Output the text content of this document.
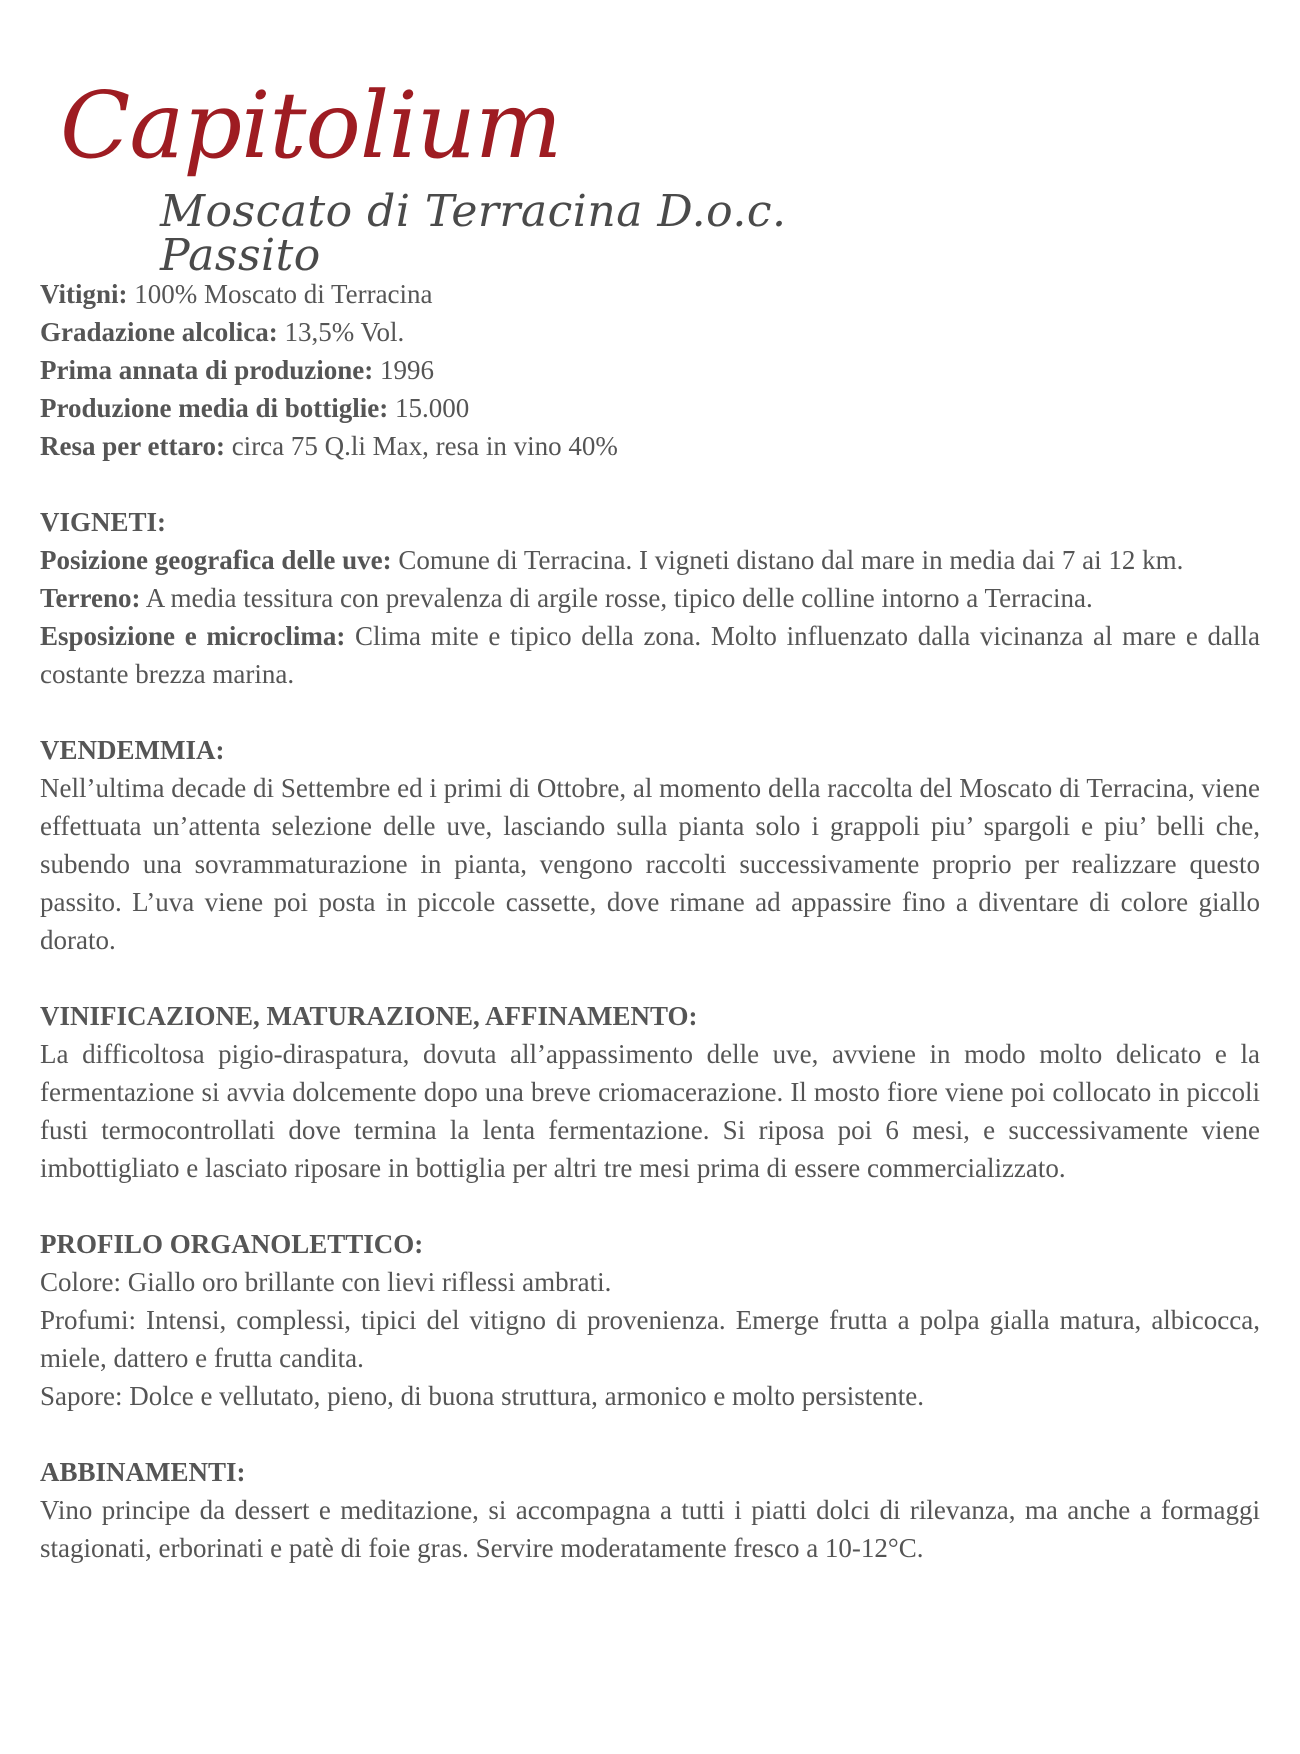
Capitolium
Moscato di Terracina D.o.c. Passito

Vitigni: 100% Moscato di Terracina

Gradazione alcolica: 13,5% Vol.

Prima annata di produzione: 1996

Produzione media di bottiglie: 15.000

Resa per ettaro: circa 75 Q.li Max, resa in vino 40%

VIGNETI:

Posizione geografica delle uve: Comune di Terracina. I vigneti distano dal mare in media dai 7 ai 12 km.

Terreno: A media tessitura con prevalenza di argile rosse, tipico delle colline intorno a Terracina.

Esposizione e microclima: Clima mite e tipico della zona. Molto influenzato dalla vicinanza al mare e dalla costante brezza marina.

VENDEMMIA:

Nell’ultima decade di Settembre ed i primi di Ottobre, al momento della raccolta del Moscato di Terracina, viene effettuata un’attenta selezione delle uve, lasciando sulla pianta solo i grappoli piu’ spargoli e piu’ belli che, subendo una sovrammaturazione in pianta, vengono raccolti successivamente proprio per realizzare questo passito. L’uva viene poi posta in piccole cassette, dove rimane ad appassire fino a diventare di colore giallo dorato.

VINIFICAZIONE, MATURAZIONE, AFFINAMENTO:

La difficoltosa pigio-diraspatura, dovuta all’appassimento delle uve, avviene in modo molto delicato e la fermentazione si avvia dolcemente dopo una breve criomacerazione. Il mosto fiore viene poi collocato in piccoli fusti termocontrollati dove termina la lenta fermentazione. Si riposa poi 6 mesi, e successivamente viene imbottigliato e lasciato riposare in bottiglia per altri tre mesi prima di essere commercializzato.

PROFILO ORGANOLETTICO:

Colore: Giallo oro brillante con lievi riflessi ambrati.

Profumi: Intensi, complessi, tipici del vitigno di provenienza. Emerge frutta a polpa gialla matura, albicocca, miele, dattero e frutta candita.

Sapore: Dolce e vellutato, pieno, di buona struttura, armonico e molto persistente.

ABBINAMENTI:

Vino principe da dessert e meditazione, si accompagna a tutti i piatti dolci di rilevanza, ma anche a formaggi stagionati, erborinati e patè di foie gras. Servire moderatamente fresco a 10-12°C.
